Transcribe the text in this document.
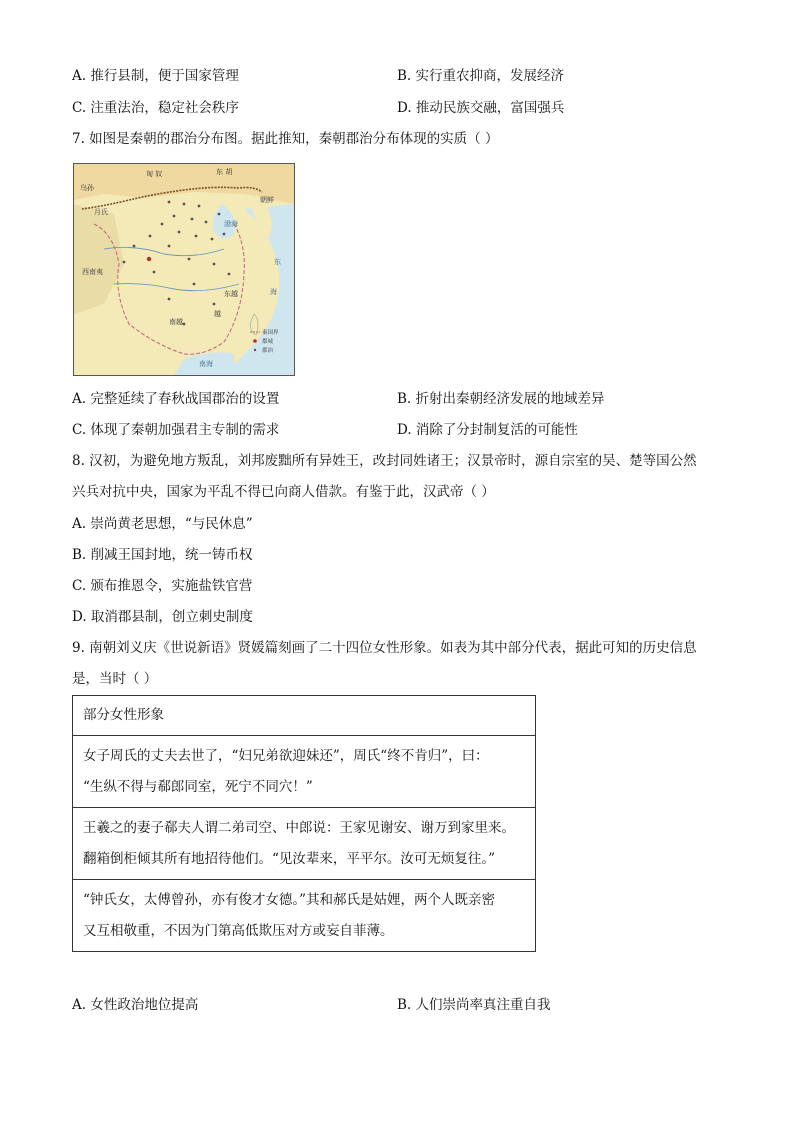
A. 推行县制，便于国家管理	B. 实行重农抑商，发展经济
C. 注重法治，稳定社会秩序	D. 推动民族交融，富国强兵
7. 如图是秦朝的郡治分布图。据此推知，秦朝郡治分布体现的实质（ ）
匈 奴	东 胡
朝鲜
乌孙
月氏
渤海
东
海
西南夷
南越
东越
越
南海
秦国界
都城
郡治
A. 完整延续了春秋战国郡治的设置	B. 折射出秦朝经济发展的地域差异
C. 体现了秦朝加强君主专制的需求	D. 消除了分封制复活的可能性
8. 汉初，为避免地方叛乱，刘邦废黜所有异姓王，改封同姓诸王；汉景帝时，源自宗室的吴、楚等国公然
兴兵对抗中央，国家为平乱不得已向商人借款。有鉴于此，汉武帝（ ）
A. 崇尚黄老思想，“与民休息”
B. 削减王国封地，统一铸币权
C. 颁布推恩令，实施盐铁官营
D. 取消郡县制，创立刺史制度
9. 南朝刘义庆《世说新语》贤媛篇刻画了二十四位女性形象。如表为其中部分代表，据此可知的历史信息
是，当时（ ）
部分女性形象

女子周氏的丈夫去世了，“妇兄弟欲迎妹还”，周氏“终不肯归”，曰：
“生纵不得与郗郎同室，死宁不同穴！”

王羲之的妻子郗夫人谓二弟司空、中郎说：王家见谢安、谢万到家里来。
翻箱倒柜倾其所有地招待他们。“见汝辈来，平平尔。汝可无烦复往。”

“钟氏女，太傅曾孙，亦有俊才女德。”其和郝氏是姑娌，两个人既亲密
又互相敬重，不因为门第高低欺压对方或妄自菲薄。
A. 女性政治地位提高	B. 人们崇尚率真注重自我
